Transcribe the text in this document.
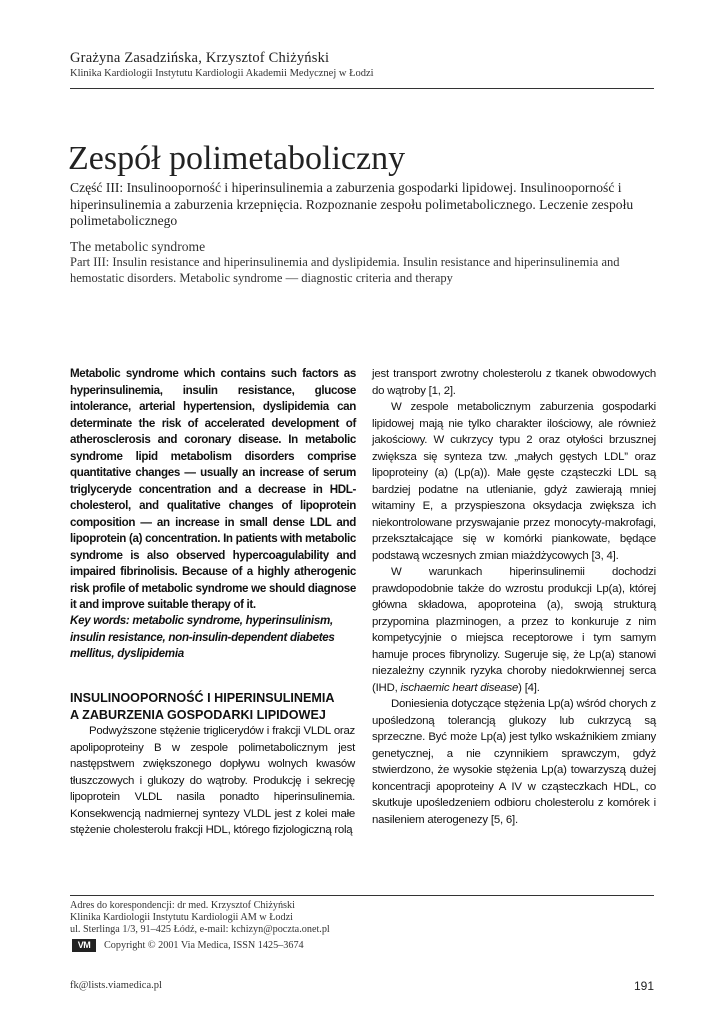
Grażyna Zasadzińska, Krzysztof Chiżyński
Klinika Kardiologii Instytutu Kardiologii Akademii Medycznej w Łodzi
Zespół polimetaboliczny
Część III: Insulinooporność i hiperinsulinemia a zaburzenia gospodarki lipidowej. Insulinooporność i hiperinsulinemia a zaburzenia krzepnięcia. Rozpoznanie zespołu polimetabolicznego. Leczenie zespołu polimetabolicznego
The metabolic syndrome
Part III: Insulin resistance and hiperinsulinemia and dyslipidemia. Insulin resistance and hiperinsulinemia and hemostatic disorders. Metabolic syndrome — diagnostic criteria and therapy
Metabolic syndrome which contains such factors as hyperinsulinemia, insulin resistance, glucose intolerance, arterial hypertension, dyslipidemia can determinate the risk of accelerated development of atherosclerosis and coronary disease. In metabolic syndrome lipid metabolism disorders comprise quantitative changes — usually an increase of serum triglyceryde concentration and a decrease in HDL-cholesterol, and qualitative changes of lipoprotein composition — an increase in small dense LDL and lipoprotein (a) concentration. In patients with metabolic syndrome is also observed hypercoagulability and impaired fibrinolisis. Because of a highly atherogenic risk profile of metabolic syndrome we should diagnose it and improve suitable therapy of it.
Key words: metabolic syndrome, hyperinsulinism, insulin resistance, non-insulin-dependent diabetes mellitus, dyslipidemia
INSULINOOPORNOŚĆ I HIPERINSULINEMIA
A ZABURZENIA GOSPODARKI LIPIDOWEJ

Podwyższone stężenie triglicerydów i frakcji VLDL oraz apolipoproteiny B w zespole polimetabolicznym jest następstwem zwiększonego dopływu wolnych kwasów tłuszczowych i glukozy do wątroby. Produkcję i sekrecję lipoprotein VLDL nasila ponadto hiperinsulinemia. Konsekwencją nadmiernej syntezy VLDL jest z kolei małe stężenie cholesterolu frakcji HDL, którego fizjologiczną rolą

jest transport zwrotny cholesterolu z tkanek obwodowych do wątroby [1, 2].

W zespole metabolicznym zaburzenia gospodarki lipidowej mają nie tylko charakter ilościowy, ale również jakościowy. W cukrzycy typu 2 oraz otyłości brzusznej zwiększa się synteza tzw. „małych gęstych LDL” oraz lipoproteiny (a) (Lp(a)). Małe gęste cząsteczki LDL są bardziej podatne na utlenianie, gdyż zawierają mniej witaminy E, a przyspieszona oksydacja zwiększa ich niekontrolowane przyswajanie przez monocyty-makrofagi, przekształcające się w komórki piankowate, będące podstawą wczesnych zmian miażdżycowych [3, 4].

W warunkach hiperinsulinemii dochodzi prawdopodobnie także do wzrostu produkcji Lp(a), której główna składowa, apoproteina (a), swoją strukturą przypomina plazminogen, a przez to konkuruje z nim kompetycyjnie o miejsca receptorowe i tym samym hamuje proces fibrynolizy. Sugeruje się, że Lp(a) stanowi niezależny czynnik ryzyka choroby niedokrwiennej serca (IHD, ischaemic heart disease) [4].

Doniesienia dotyczące stężenia Lp(a) wśród chorych z upośledzoną tolerancją glukozy lub cukrzycą są sprzeczne. Być może Lp(a) jest tylko wskaźnikiem zmiany genetycznej, a nie czynnikiem sprawczym, gdyż stwierdzono, że wysokie stężenia Lp(a) towarzyszą dużej koncentracji apoproteiny A IV w cząsteczkach HDL, co skutkuje upośledzeniem odbioru cholesterolu z komórek i nasileniem aterogenezy [5, 6].

Adres do korespondencji: dr med. Krzysztof Chiżyński
Klinika Kardiologii Instytutu Kardiologii AM w Łodzi
ul. Sterlinga 1/3, 91–425 Łódź, e-mail: kchizyn@poczta.onet.pl
VM	Copyright © 2001 Via Medica, ISSN 1425–3674
fk@lists.viamedica.pl	191
